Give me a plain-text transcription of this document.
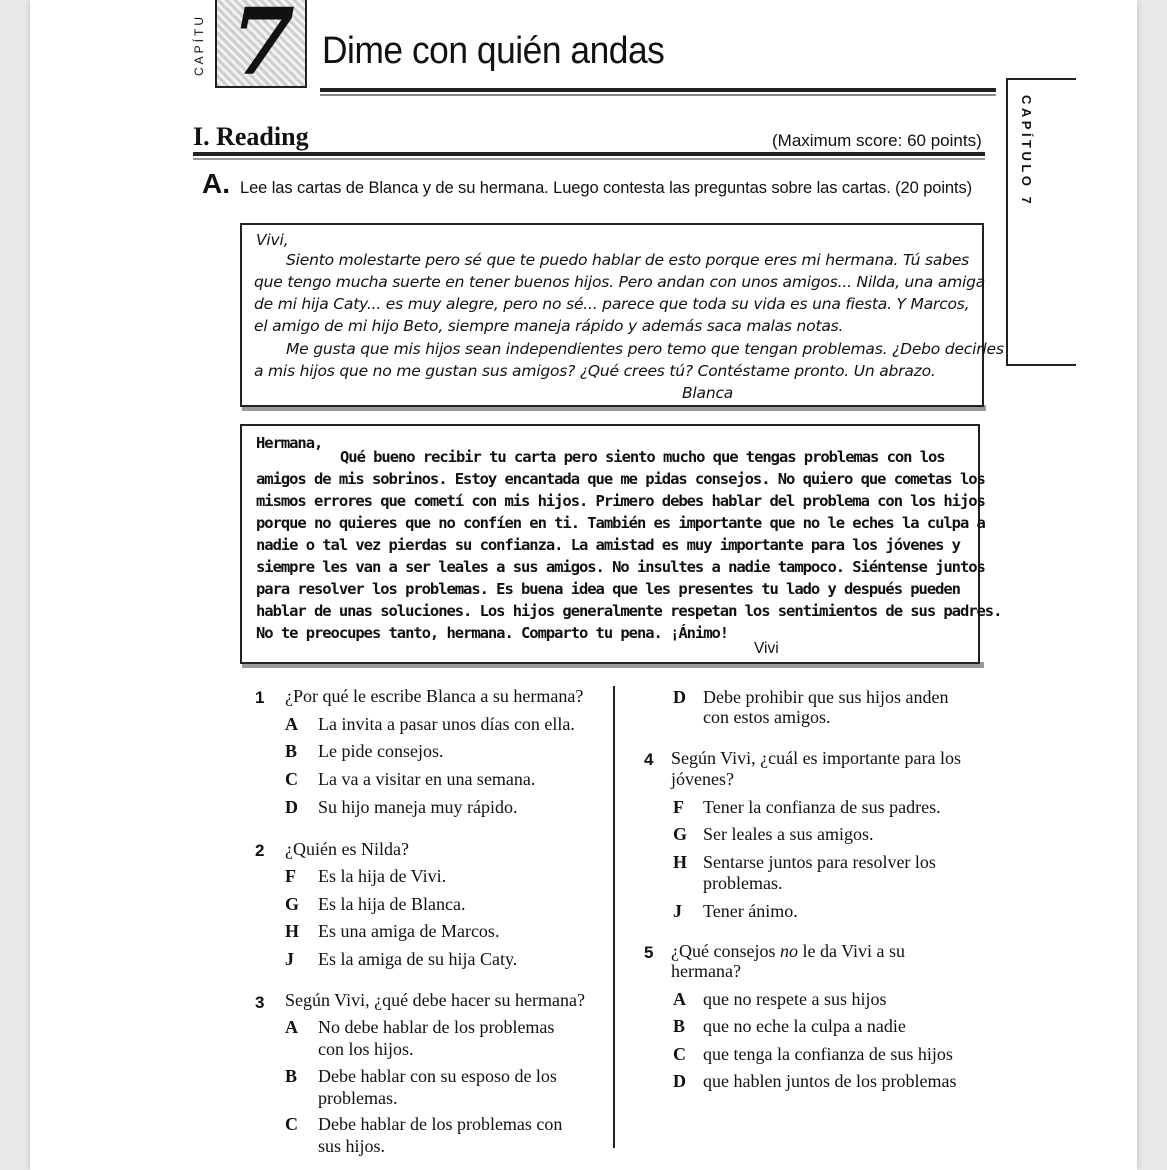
CAPÍTU 7 Dime con quién andas
CAPÍTULO 7
I. Reading	(Maximum score: 60 points)
A. Lee las cartas de Blanca y de su hermana. Luego contesta las preguntas sobre las cartas. (20 points)
Vivi,
Siento molestarte pero sé que te puedo hablar de esto porque eres mi hermana. Tú sabes
que tengo mucha suerte en tener buenos hijos. Pero andan con unos amigos... Nilda, una amiga
de mi hija Caty... es muy alegre, pero no sé... parece que toda su vida es una fiesta. Y Marcos,
el amigo de mi hijo Beto, siempre maneja rápido y además saca malas notas.
Me gusta que mis hijos sean independientes pero temo que tengan problemas. ¿Debo decirles
a mis hijos que no me gustan sus amigos? ¿Qué crees tú? Contéstame pronto. Un abrazo.
Blanca
Hermana,
Qué bueno recibir tu carta pero siento mucho que tengas problemas con los
amigos de mis sobrinos. Estoy encantada que me pidas consejos. No quiero que cometas los
mismos errores que cometí con mis hijos. Primero debes hablar del problema con los hijos
porque no quieres que no confíen en ti. También es importante que no le eches la culpa a
nadie o tal vez pierdas su confianza. La amistad es muy importante para los jóvenes y
siempre les van a ser leales a sus amigos. No insultes a nadie tampoco. Siéntense juntos
para resolver los problemas. Es buena idea que les presentes tu lado y después pueden
hablar de unas soluciones. Los hijos generalmente respetan los sentimientos de sus padres.
No te preocupes tanto, hermana. Comparto tu pena. ¡Ánimo!
Vivi
1 ¿Por qué le escribe Blanca a su hermana?
A La invita a pasar unos días con ella.
B Le pide consejos.
C La va a visitar en una semana.
D Su hijo maneja muy rápido.
2 ¿Quién es Nilda?
F Es la hija de Vivi.
G Es la hija de Blanca.
H Es una amiga de Marcos.
J Es la amiga de su hija Caty.
3 Según Vivi, ¿qué debe hacer su hermana?
A No debe hablar de los problemas
con los hijos.
B Debe hablar con su esposo de los
problemas.
C Debe hablar de los problemas con
sus hijos.
D Debe prohibir que sus hijos anden
con estos amigos.
4 Según Vivi, ¿cuál es importante para los
jóvenes?
F Tener la confianza de sus padres.
G Ser leales a sus amigos.
H Sentarse juntos para resolver los
problemas.
J Tener ánimo.
5 ¿Qué consejos no le da Vivi a su
hermana?
A que no respete a sus hijos
B que no eche la culpa a nadie
C que tenga la confianza de sus hijos
D que hablen juntos de los problemas
